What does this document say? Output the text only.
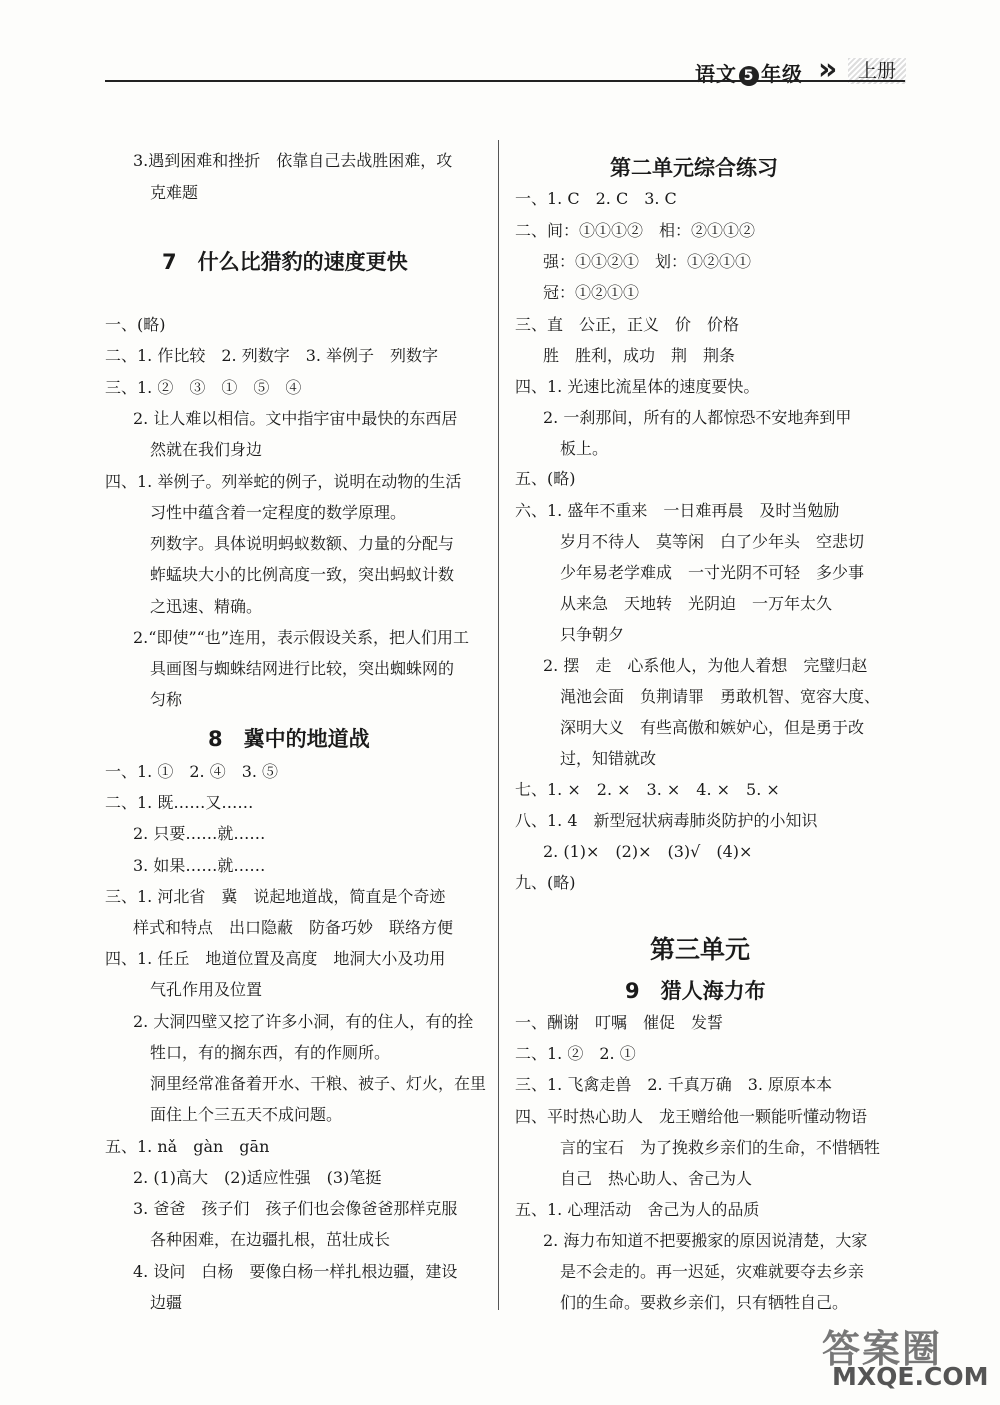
语文 5 年级 »	上册
3.遇到困难和挫折　依靠自己去战胜困难，攻
克难题
7　什么比猎豹的速度更快
一、(略)
二、1. 作比较　2. 列数字　3. 举例子　列数字
三、1. ②　③　①　⑤　④
2. 让人难以相信。文中指宇宙中最快的东西居
然就在我们身边
四、1. 举例子。列举蛇的例子，说明在动物的生活
习性中蕴含着一定程度的数学原理。
列数字。具体说明蚂蚁数额、力量的分配与
蚱蜢块大小的比例高度一致，突出蚂蚁计数
之迅速、精确。
2.“即使”“也”连用，表示假设关系，把人们用工
具画图与蜘蛛结网进行比较，突出蜘蛛网的
匀称
8　冀中的地道战
一、1. ①　2. ④　3. ⑤
二、1. 既……又……
2. 只要……就……
3. 如果……就……
三、1. 河北省　冀　说起地道战，简直是个奇迹
样式和特点　出口隐蔽　防备巧妙　联络方便
四、1. 任丘　地道位置及高度　地洞大小及功用
气孔作用及位置
2. 大洞四壁又挖了许多小洞，有的住人，有的拴
牲口，有的搁东西，有的作厕所。
洞里经常准备着开水、干粮、被子、灯火，在里
面住上个三五天不成问题。
五、1. nǎ　gàn　gān
2. (1)高大　(2)适应性强　(3)笔挺
3. 爸爸　孩子们　孩子们也会像爸爸那样克服
各种困难，在边疆扎根，茁壮成长
4. 设问　白杨　要像白杨一样扎根边疆，建设
边疆
第二单元综合练习
一、1. C　2. C　3. C
二、间：①①①②　相：②①①②
强：①①②①　划：①②①①
冠：①②①①
三、直　公正，正义　价　价格
胜　胜利，成功　荆　荆条
四、1. 光速比流星体的速度要快。
2. 一刹那间，所有的人都惊恐不安地奔到甲
板上。
五、(略)
六、1. 盛年不重来　一日难再晨　及时当勉励
岁月不待人　莫等闲　白了少年头　空悲切
少年易老学难成　一寸光阴不可轻　多少事
从来急　天地转　光阴迫　一万年太久
只争朝夕
2. 摆　走　心系他人，为他人着想　完璧归赵
渑池会面　负荆请罪　勇敢机智、宽容大度、
深明大义　有些高傲和嫉妒心，但是勇于改
过，知错就改
七、1. ×　2. ×　3. ×　4. ×　5. ×
八、1. 4　新型冠状病毒肺炎防护的小知识
2. (1)×　(2)×　(3)√　(4)×
九、(略)
第三单元
9　猎人海力布
一、酬谢　叮嘱　催促　发誓
二、1. ②　2. ①
三、1. 飞禽走兽　2. 千真万确　3. 原原本本
四、平时热心助人　龙王赠给他一颗能听懂动物语
言的宝石　为了挽救乡亲们的生命，不惜牺牲
自己　热心助人、舍己为人
五、1. 心理活动　舍己为人的品质
2. 海力布知道不把要搬家的原因说清楚，大家
是不会走的。再一迟延，灾难就要夺去乡亲
们的生命。要救乡亲们，只有牺牲自己。
答案圈
MXQE.COM
